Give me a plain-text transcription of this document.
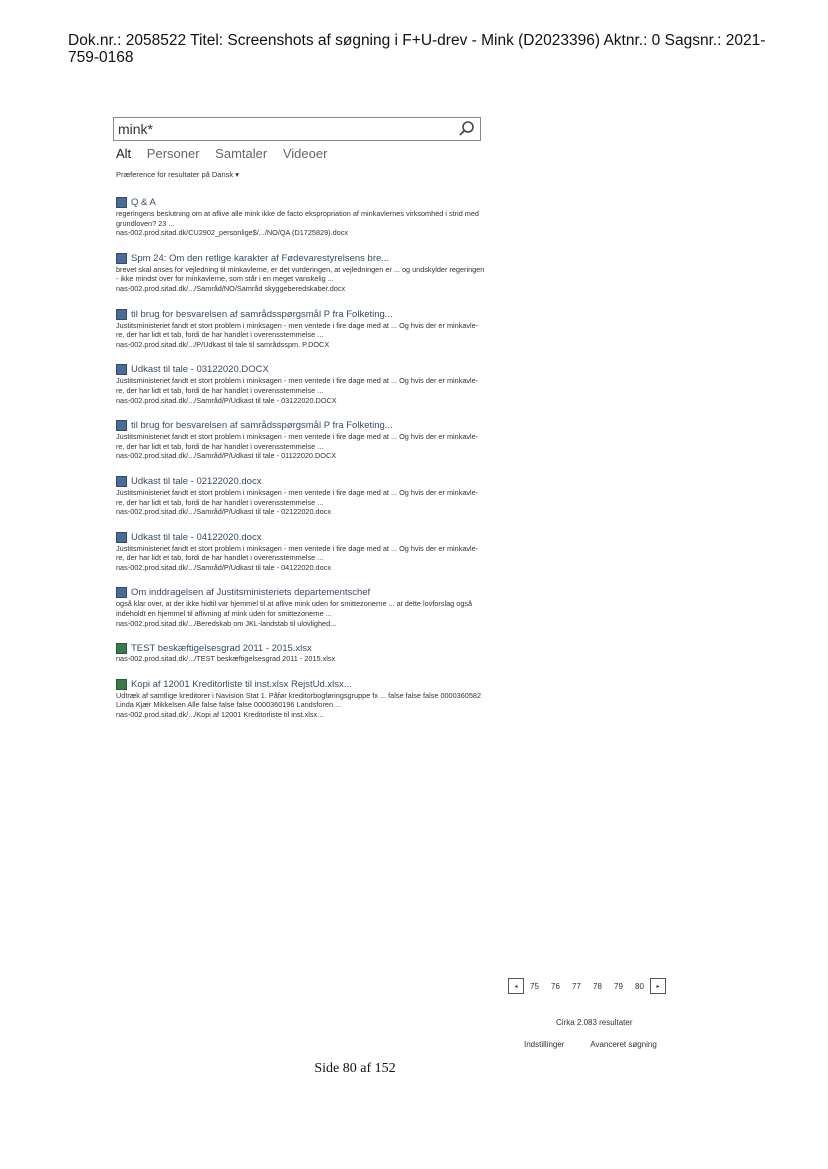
Dok.nr.: 2058522 Titel: Screenshots af søgning i F+U-drev - Mink (D2023396) Aktnr.: 0 Sagsnr.: 2021-759-0168
mink*
Alt Personer Samtaler Videoer
Præference for resultater på Dansk ▾
Q & A
regeringens beslutning om at aflive alle mink ikke de facto ekspropriation af minkavlernes virksomhed i strid med grundloven? 23 ...
nas-002.prod.sitad.dk/CU2902_personlige$/.../NO/QA (D1725829).docx
Spm 24: Om den retlige karakter af Fødevarestyrelsens bre...
brevet skal anses for vejledning til minkavlerne, er det vurderingen, at vejledningen er ... og undskylder regeringen - ikke mindst over for minkavlerne, som står i en meget vanskelig ...
nas-002.prod.sitad.dk/.../Samråd/NO/Samråd skyggeberedskaber.docx
til brug for besvarelsen af samrådsspørgsmål P fra Folketing...
Justitsministeriet fandt et stort problem i minksagen - men ventede i fire dage med at ... Og hvis der er minkavle-re, der har lidt et tab, fordi de har handlet i overensstemmelse ...
nas-002.prod.sitad.dk/.../P/Udkast til tale til samrådsspm. P.DOCX
Udkast til tale - 03122020.DOCX
Justitsministeriet fandt et stort problem i minksagen - men ventede i fire dage med at ... Og hvis der er minkavle-re, der har lidt et tab, fordi de har handlet i overensstemmelse ...
nas-002.prod.sitad.dk/.../Samråd/P/Udkast til tale - 03122020.DOCX
til brug for besvarelsen af samrådsspørgsmål P fra Folketing...
Justitsministeriet fandt et stort problem i minksagen - men ventede i fire dage med at ... Og hvis der er minkavle-re, der har lidt et tab, fordi de har handlet i overensstemmelse ...
nas-002.prod.sitad.dk/.../Samråd/P/Udkast til tale - 01122020.DOCX
Udkast til tale - 02122020.docx
Justitsministeriet fandt et stort problem i minksagen - men ventede i fire dage med at ... Og hvis der er minkavle-re, der har lidt et tab, fordi de har handlet i overensstemmelse ...
nas-002.prod.sitad.dk/.../Samråd/P/Udkast til tale - 02122020.docx
Udkast til tale - 04122020.docx
Justitsministeriet fandt et stort problem i minksagen - men ventede i fire dage med at ... Og hvis der er minkavle-re, der har lidt et tab, fordi de har handlet i overensstemmelse ...
nas-002.prod.sitad.dk/.../Samråd/P/Udkast til tale - 04122020.docx
Om inddragelsen af Justitsministeriets departementschef
også klar over, at der ikke hidtil var hjemmel til at aflive mink uden for smittezonerne ... at dette lovforslag også indeholdt en hjemmel til aflivning af mink uden for smittezonerne ...
nas-002.prod.sitad.dk/.../Beredskab om JKL-landstab til ulovlighed...
TEST beskæftigelsesgrad 2011 - 2015.xlsx
nas-002.prod.sitad.dk/.../TEST beskæftigelsesgrad 2011 - 2015.xlsx
Kopi af 12001 Kreditorliste til inst.xlsx RejstUd.xlsx...
Udtræk af samtlige kreditorer i Navision Stat 1. Påfør kreditorbogføringsgruppe fx ... false false false 0000360582 Linda Kjær Mikkelsen Alle false false false 0000360196 Landsforen ...
nas-002.prod.sitad.dk/.../Kopi af 12001 Kreditorliste til inst.xlsx...
◂	75	76	77	78	79	80	▸
Cirka 2.083 resultater
Indstillinger	Avanceret søgning
Side 80 af 152
